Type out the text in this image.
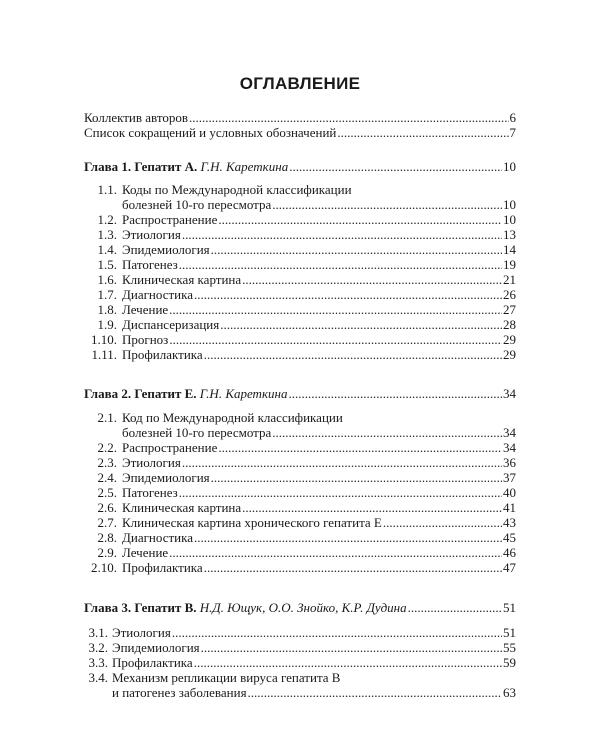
ОГЛАВЛЕНИЕ
Коллектив авторов .....	6
Список сокращений и условных обозначений .....	7
Глава 1. Гепатит А. Г.Н. Кареткина .....	10
1.1. Коды по Международной классификации
болезней 10-го пересмотра .....	10
1.2. Распространение .....	10
1.3. Этиология .....	13
1.4. Эпидемиология .....	14
1.5. Патогенез .....	19
1.6. Клиническая картина .....	21
1.7. Диагностика .....	26
1.8. Лечение .....	27
1.9. Диспансеризация .....	28
1.10. Прогноз .....	29
1.11. Профилактика .....	29
Глава 2. Гепатит Е. Г.Н. Кареткина .....	34
2.1. Код по Международной классификации
болезней 10-го пересмотра .....	34
2.2. Распространение .....	34
2.3. Этиология .....	36
2.4. Эпидемиология .....	37
2.5. Патогенез .....	40
2.6. Клиническая картина .....	41
2.7. Клиническая картина хронического гепатита Е .....	43
2.8. Диагностика .....	45
2.9. Лечение .....	46
2.10. Профилактика .....	47
Глава 3. Гепатит В. Н.Д. Ющук, О.О. Знойко, К.Р. Дудина .....	51
3.1. Этиология .....	51
3.2. Эпидемиология .....	55
3.3. Профилактика .....	59
3.4. Механизм репликации вируса гепатита В
и патогенез заболевания .....	63
